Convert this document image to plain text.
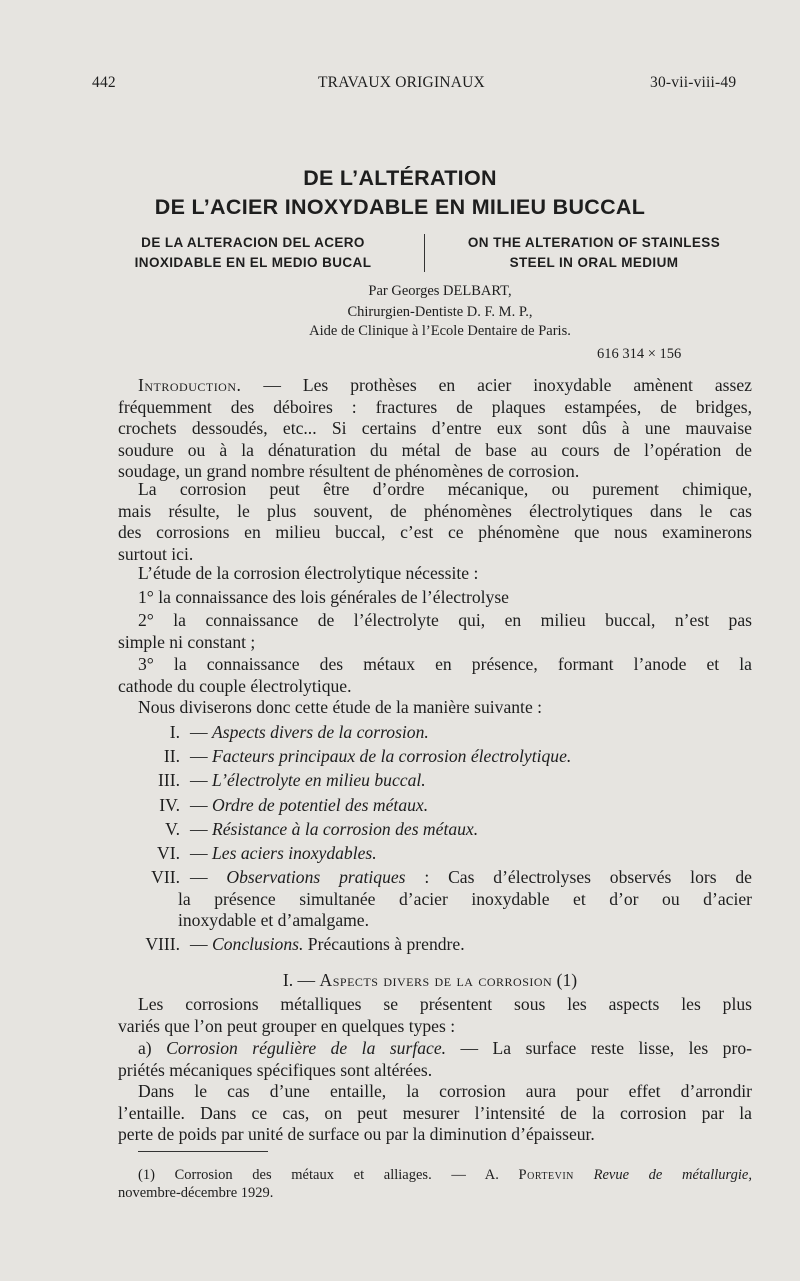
442	TRAVAUX ORIGINAUX	30-vii-viii-49
DE L’ALTÉRATION
DE L’ACIER INOXYDABLE EN MILIEU BUCCAL
DE LA ALTERACION DEL ACERO
INOXIDABLE EN EL MEDIO BUCAL
ON THE ALTERATION OF STAINLESS
STEEL IN ORAL MEDIUM
Par Georges DELBART,
Chirurgien-Dentiste D. F. M. P.,
Aide de Clinique à l’Ecole Dentaire de Paris.
616 314 × 156
Introduction. — Les prothèses en acier inoxydable amènent assez
fréquemment des déboires : fractures de plaques estampées, de bridges,
crochets dessoudés, etc... Si certains d’entre eux sont dûs à une mauvaise
soudure ou à la dénaturation du métal de base au cours de l’opération de
soudage, un grand nombre résultent de phénomènes de corrosion.
La corrosion peut être d’ordre mécanique, ou purement chimique,
mais résulte, le plus souvent, de phénomènes électrolytiques dans le cas
des corrosions en milieu buccal, c’est ce phénomène que nous examinerons
surtout ici.
L’étude de la corrosion électrolytique nécessite :
1° la connaissance des lois générales de l’électrolyse
2° la connaissance de l’électrolyte qui, en milieu buccal, n’est pas
simple ni constant ;
3° la connaissance des métaux en présence, formant l’anode et la
cathode du couple électrolytique.
Nous diviserons donc cette étude de la manière suivante :
I. — Aspects divers de la corrosion.
II. — Facteurs principaux de la corrosion électrolytique.
III. — L’électrolyte en milieu buccal.
IV. — Ordre de potentiel des métaux.
V. — Résistance à la corrosion des métaux.
VI. — Les aciers inoxydables.
VII. — Observations pratiques : Cas d’électrolyses observés lors de
la présence simultanée d’acier inoxydable et d’or ou d’acier
inoxydable et d’amalgame.
VIII. — Conclusions. Précautions à prendre.
I. — Aspects divers de la corrosion (1)
Les corrosions métalliques se présentent sous les aspects les plus
variés que l’on peut grouper en quelques types :
a) Corrosion régulière de la surface. — La surface reste lisse, les pro-
priétés mécaniques spécifiques sont altérées.
Dans le cas d’une entaille, la corrosion aura pour effet d’arrondir
l’entaille. Dans ce cas, on peut mesurer l’intensité de la corrosion par la
perte de poids par unité de surface ou par la diminution d’épaisseur.
(1) Corrosion des métaux et alliages. — A. Portevin Revue de métallurgie,
novembre-décembre 1929.
